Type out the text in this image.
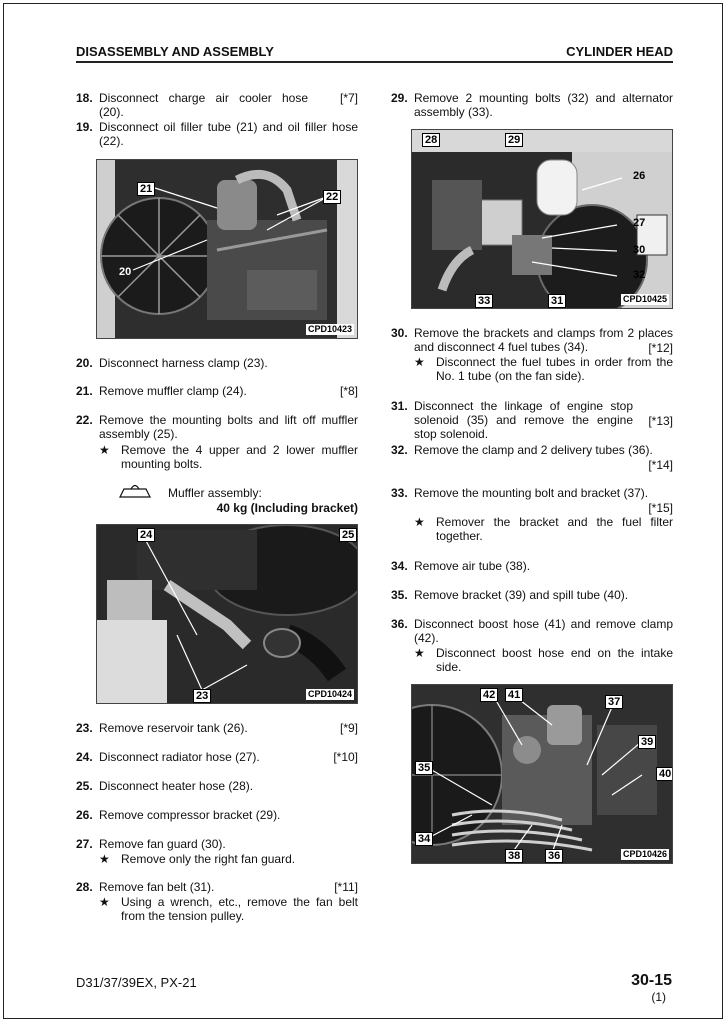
DISASSEMBLY AND ASSEMBLY	CYLINDER HEAD
18. Disconnect charge air cooler hose (20).
[*7]
19. Disconnect oil filler tube (21) and oil filler hose (22).
21
22
20
CPD10423
20. Disconnect harness clamp (23).
21. Remove muffler clamp (24).	[*8]
22. Remove the mounting bolts and lift off muffler assembly (25).
★ Remove the 4 upper and 2 lower muffler mounting bolts.
Muffler assembly:
40 kg (Including bracket)
24	25
23	CPD10424
23. Remove reservoir tank (26).	[*9]
24. Disconnect radiator hose (27).	[*10]
25. Disconnect heater hose (28).
26. Remove compressor bracket (29).
27. Remove fan guard (30).
★ Remove only the right fan guard.
28. Remove fan belt (31).	[*11]
★ Using a wrench, etc., remove the fan belt from the tension pulley.
29. Remove 2 mounting bolts (32) and alternator assembly (33).
28	29
26
27
30
32
33	31	CPD10425
30. Remove the brackets and clamps from 2 places and disconnect 4 fuel tubes (34).	[*12]
★ Disconnect the fuel tubes in order from the No. 1 tube (on the fan side).
31. Disconnect the linkage of engine stop solenoid (35) and remove the engine stop solenoid.
[*13]
32. Remove the clamp and 2 delivery tubes (36).
[*14]
33. Remove the mounting bolt and bracket (37).
[*15]
★ Remover the bracket and the fuel filter together.
34. Remove air tube (38).
35. Remove bracket (39) and spill tube (40).
36. Disconnect boost hose (41) and remove clamp (42).
★ Disconnect boost hose end on the intake side.
42 41
37
39
40
35
34
38	36	CPD10426
D31/37/39EX, PX-21	30-15
(1)
